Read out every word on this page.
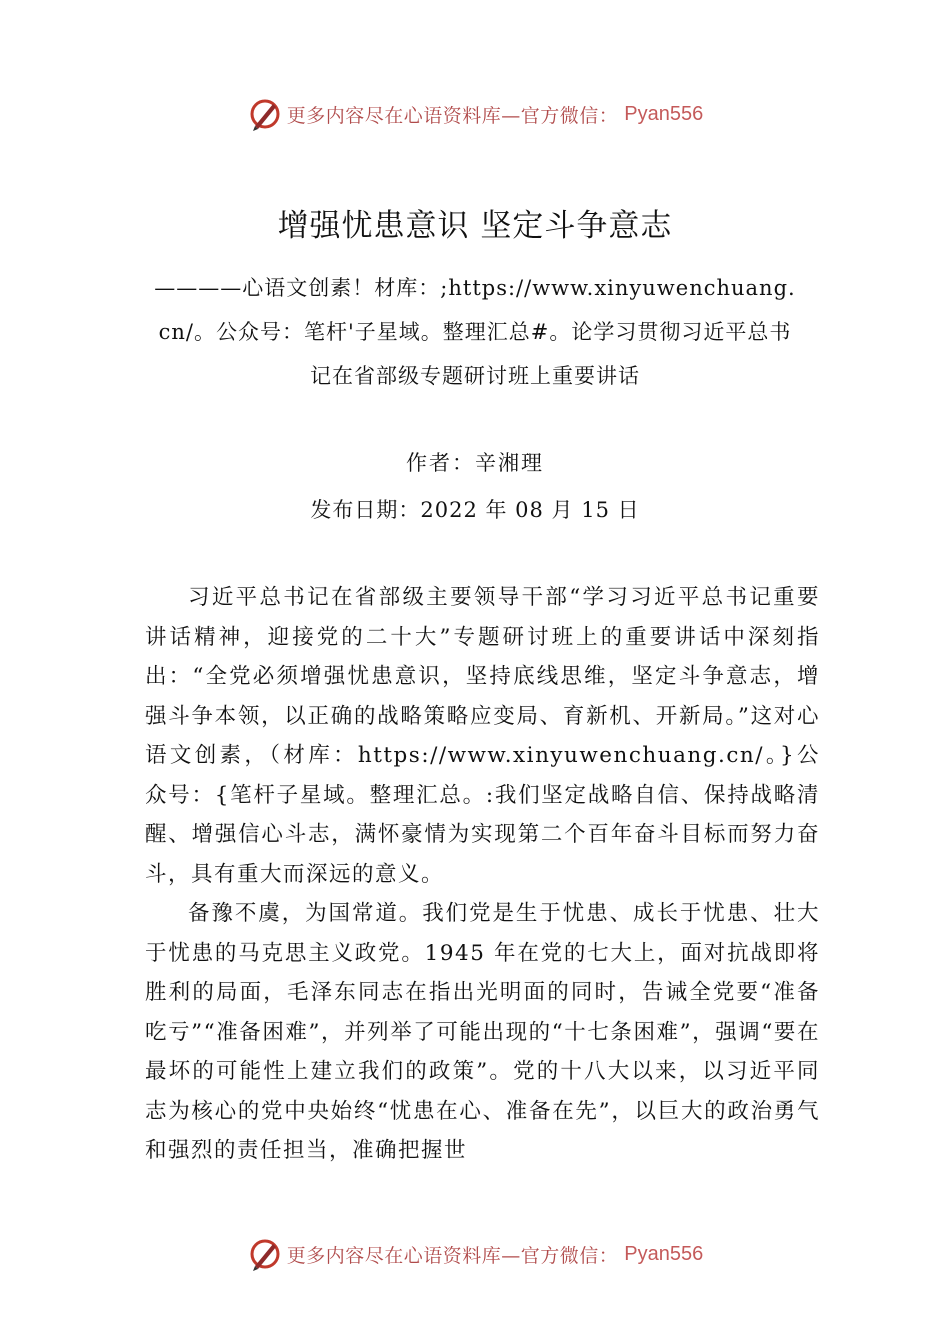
更多内容尽在心语资料库—官方微信： Pyan556
增强忧患意识 坚定斗争意志
————心语文创素！材库：;https://www.xinyuwenchuang.cn/。公众号：笔杆'子星域。整理汇总#。论学习贯彻习近平总书记在省部级专题研讨班上重要讲话
作者：辛湘理
发布日期：2022 年 08 月 15 日

习近平总书记在省部级主要领导干部“学习习近平总书记重要讲话精神，迎接党的二十大”专题研讨班上的重要讲话中深刻指出：“全党必须增强忧患意识，坚持底线思维，坚定斗争意志，增强斗争本领，以正确的战略策略应变局、育新机、开新局。”这对心语文创素，（材库：https://www.xinyuwenchuang.cn/。}公众号：{笔杆子星域。整理汇总。:我们坚定战略自信、保持战略清醒、增强信心斗志，满怀豪情为实现第二个百年奋斗目标而努力奋斗，具有重大而深远的意义。

备豫不虞，为国常道。我们党是生于忧患、成长于忧患、壮大于忧患的马克思主义政党。1945 年在党的七大上，面对抗战即将胜利的局面，毛泽东同志在指出光明面的同时，告诫全党要“准备吃亏”“准备困难”，并列举了可能出现的“十七条困难”，强调“要在最坏的可能性上建立我们的政策”。党的十八大以来，以习近平同志为核心的党中央始终“忧患在心、准备在先”，以巨大的政治勇气和强烈的责任担当，准确把握世

更多内容尽在心语资料库—官方微信： Pyan556
